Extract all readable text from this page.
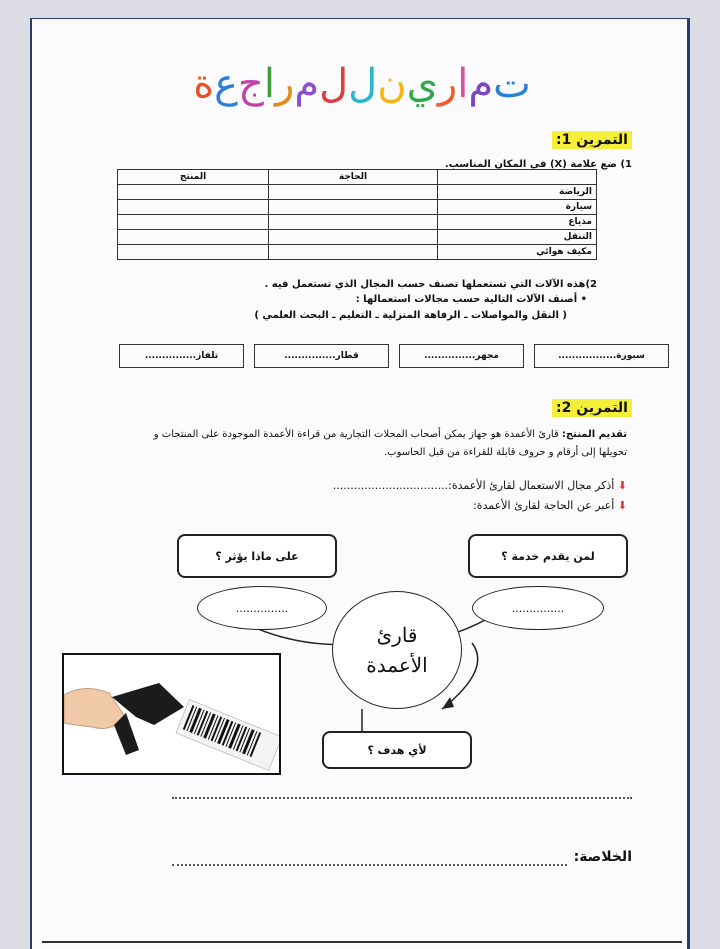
تمارينللمراجعة
التمرين 1:
1) ضع علامة (X) في المكان المناسب.
	الحاجة	المنتج
الرياضة		
سيارة		
مذياع		
التنقل		
مكيف هوائي		
2)هذه الآلات التي تستعملها تصنف حسب المجال الذي تستعمل فيه .
• أصنف الآلات التالية حسب مجالات استعمالها :
( النقل والمواصلات ـ الرفاهة المنزلية ـ التعليم ـ البحث العلمي )
سبورة.................
مجهر...............
قطار...............
تلفاز...............
التمرين 2:
تقديم المنتج: قارئ الأعمدة هو جهاز يمكن أصحاب المحلات التجارية من قراءة الأعمدة الموجودة على المنتجات و
تحويلها إلى أرقام و حروف قابلة للقراءة من قبل الحاسوب.
⬇ أذكر مجال الاستعمال لقارئ الأعمدة:.................................
⬇ أعبر عن الحاجة لقارئ الأعمدة:
على ماذا يؤثر ؟	لمن يقدم خدمة ؟
...............	...............
قارئ
الأعمدة
لأي هدف ؟
الخلاصة:
